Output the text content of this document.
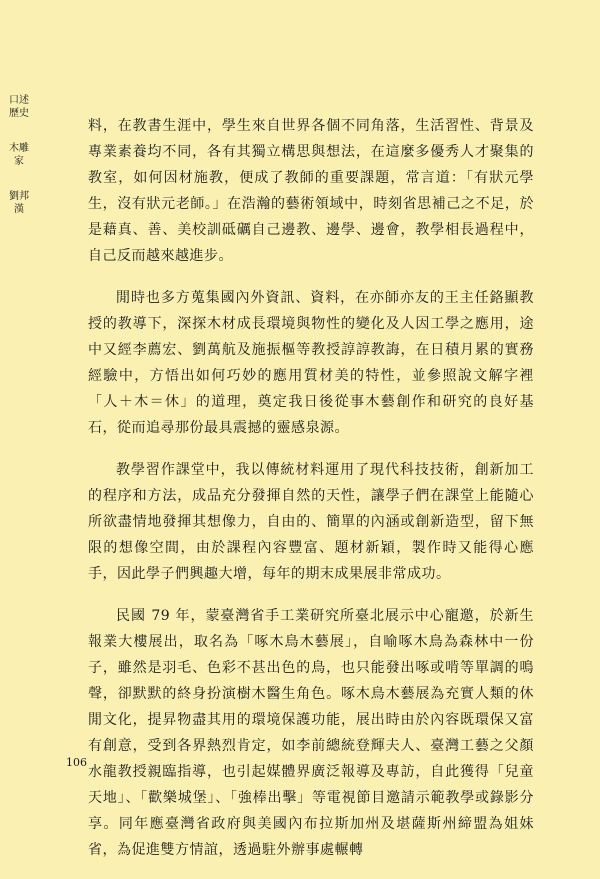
口述歷史
木雕家
劉邦漢

料，在教書生涯中，學生來自世界各個不同角落，生活習性、背景及專業素養均不同，各有其獨立構思與想法，在這麼多優秀人才聚集的教室，如何因材施教，便成了教師的重要課題，常言道：「有狀元學生，沒有狀元老師。」在浩瀚的藝術領域中，時刻省思補己之不足，於是藉真、善、美校訓砥礪自己邊教、邊學、邊會，教學相長過程中，自己反而越來越進步。

閒時也多方蒐集國內外資訊、資料，在亦師亦友的王主任鉻顯教授的教導下，深探木材成長環境與物性的變化及人因工學之應用，途中又經李薦宏、劉萬航及施振樞等教授諄諄教誨，在日積月累的實務經驗中，方悟出如何巧妙的應用質材美的特性，並參照說文解字裡「人＋木＝休」的道理，奠定我日後從事木藝創作和研究的良好基石，從而追尋那份最具震撼的靈感泉源。

教學習作課堂中，我以傳統材料運用了現代科技技術，創新加工的程序和方法，成品充分發揮自然的天性，讓學子們在課堂上能隨心所欲盡情地發揮其想像力，自由的、簡單的內涵或創新造型，留下無限的想像空間，由於課程內容豐富、題材新穎，製作時又能得心應手，因此學子們興趣大增，每年的期末成果展非常成功。

民國 79 年，蒙臺灣省手工業研究所臺北展示中心寵邀，於新生報業大樓展出，取名為「啄木鳥木藝展」，自喻啄木鳥為森林中一份子，雖然是羽毛、色彩不甚出色的鳥，也只能發出啄或啃等單調的鳴聲，卻默默的終身扮演樹木醫生角色。啄木鳥木藝展為充實人類的休閒文化，提昇物盡其用的環境保護功能，展出時由於內容既環保又富有創意，受到各界熱烈肯定，如李前總統登輝夫人、臺灣工藝之父顏水龍教授親臨指導，也引起媒體界廣泛報導及專訪，自此獲得「兒童天地」、「歡樂城堡」、「強棒出擊」等電視節目邀請示範教學或錄影分享。同年應臺灣省政府與美國內布拉斯加州及堪薩斯州締盟為姐妹省，為促進雙方情誼，透過駐外辦事處輾轉

106
